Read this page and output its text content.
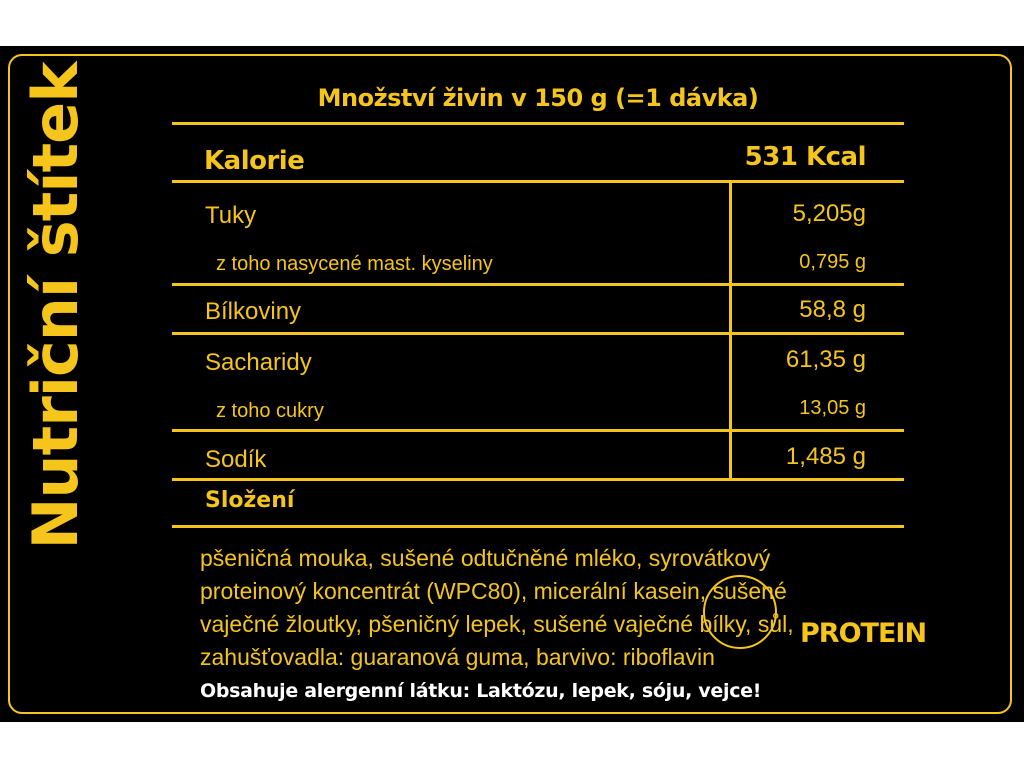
Nutriční štítek	Množství živin v 150 g (=1 dávka)
Kalorie	531 Kcal
Tuky	5,205g
z toho nasycené mast. kyseliny	0,795 g
Bílkoviny	58,8 g
Sacharidy	61,35 g
z toho cukry	13,05 g
Sodík	1,485 g
Složení
pšeničná mouka, sušené odtučněné mléko, syrovátkový
proteinový koncentrát (WPC80), micerální kasein, sušené
vaječné žloutky, pšeničný lepek, sušené vaječné bílky, sůl,
zahušťovadla: guaranová guma, barvivo: riboflavin
Obsahuje alergenní látku: Laktózu, lepek, sóju, vejce!
PROTEIN
